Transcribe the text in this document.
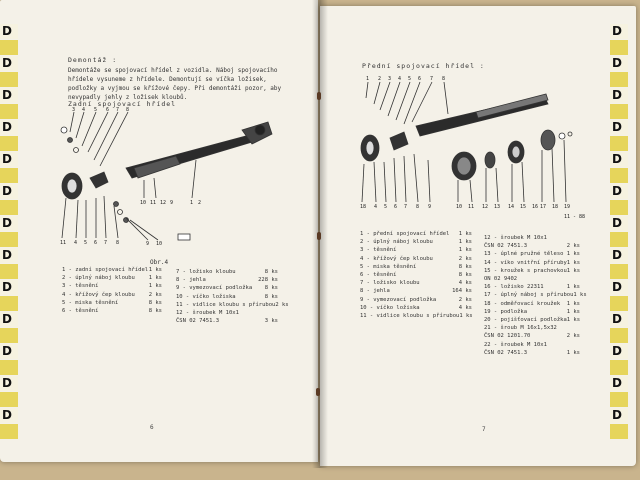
D
D
D
D
D
D
D
D
D
D
D
D
D
D
D
D
D
D
D
D
D
D
D
D
D
D
Demontáž :
Demontáže se spojovací hřídel z vozidla. Náboj spojovacího hřídele vysuneme z hřídele. Demontují se víčka ložisek, podložky a vyjmou se křížové čepy. Při demontáži pozor, aby nevypadly jehly z ložisek kloubů.
Zadní spojovací hřídel
3 4 5 6 7 8
11 4 5 6 7 8	9 10
10 11 12 9	1 2
Obr.4
1 - zadní spojovací hřídel 1 ks
2 - úplný náboj kloubu	1 ks
3 - těsnění	1 ks
4 - křížový čep kloubu	2 ks
5 - miska těsnění	8 ks
6 - těsnění	8 ks
7 - ložisko kloubu	8 ks
8 - jehla	228 ks
9 - vymezovací podložka	8 ks
10 - víčko ložiska	8 ks
11 - vidlice kloubu s přírubou 2 ks
12 - šroubek M 10x1
ČSN 02 7451.3	3 ks
6
Přední spojovací hřídel :
1 2 3 4 5 6 7 8
18 4 5 6 7 8 9	10 11 12 13 14 15 16 17 18 19
11 - 88
1 - přední spojovací hřídel	1 ks
2 - úplný náboj kloubu	1 ks
3 - těsnění	1 ks
4 - křížový čep kloubu	2 ks
5 - miska těsnění	8 ks
6 - těsnění	8 ks
7 - ložisko kloubu	4 ks
8 - jehla	164 ks
9 - vymezovací podložka	2 ks
10 - víčko ložiska	4 ks
11 - vidlice kloubu s přírubou 1 ks
12 - šroubek M 10x1
ČSN 02 7451.3	2 ks
13 - úplné pružné těleso 1 ks
14 - víko vnitřní příruby 1 ks
15 - kroužek s prachovkou 1 ks
ON 02 9402
16 - ložisko 22311	1 ks
17 - úplný náboj s přírubou 1 ks
18 - odměřovací kroužek	1 ks
19 - podložka	1 ks
20 - pojišťovací podložka 1 ks
21 - šroub M 16x1,5x32
ČSN 02 1201.70	2 ks
22 - šroubek M 10x1
ČSN 02 7451.3	1 ks
7
